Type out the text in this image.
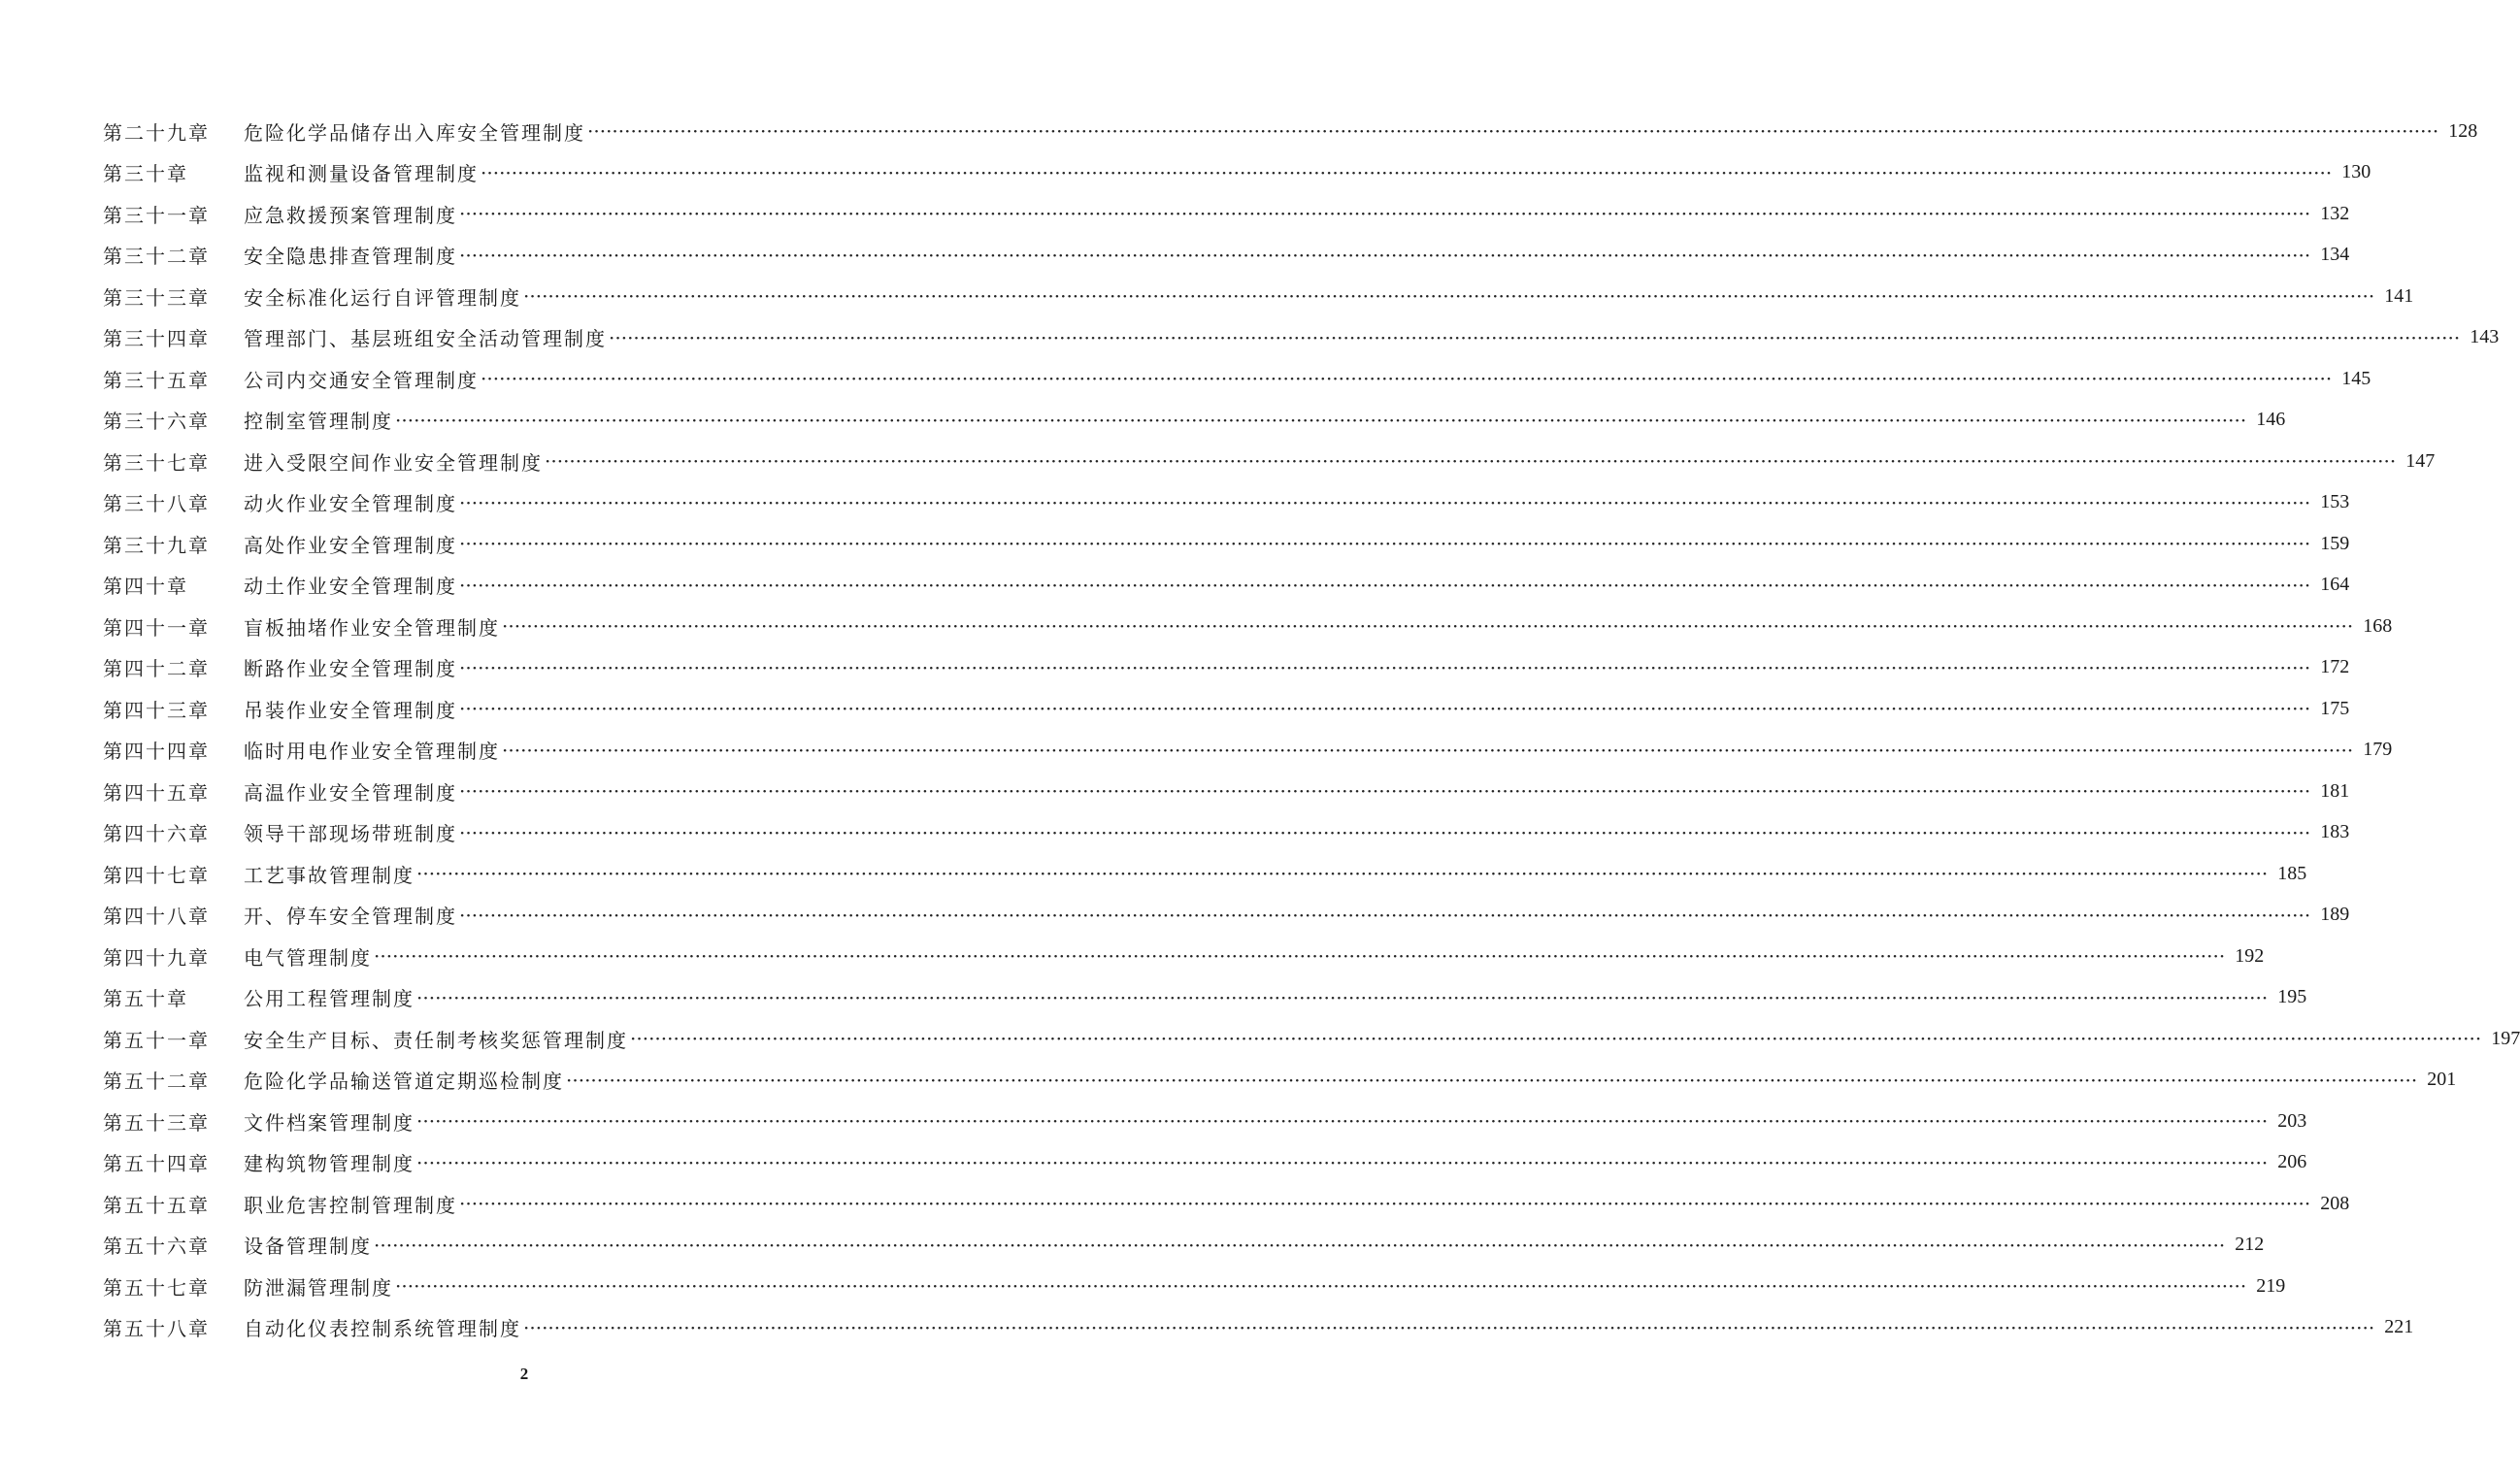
第二十九章	危险化学品储存出入库安全管理制度 ············································································································································································································································································································ 128
第三十章	监视和测量设备管理制度 ············································································································································································································································································································ 130
第三十一章	应急救援预案管理制度 ············································································································································································································································································································ 132
第三十二章	安全隐患排查管理制度 ············································································································································································································································································································ 134
第三十三章	安全标准化运行自评管理制度 ············································································································································································································································································································ 141
第三十四章	管理部门、基层班组安全活动管理制度 ············································································································································································································································································································ 143
第三十五章	公司内交通安全管理制度 ············································································································································································································································································································ 145
第三十六章	控制室管理制度 ············································································································································································································································································································ 146
第三十七章	进入受限空间作业安全管理制度 ············································································································································································································································································································ 147
第三十八章	动火作业安全管理制度 ············································································································································································································································································································ 153
第三十九章	高处作业安全管理制度 ············································································································································································································································································································ 159
第四十章	动土作业安全管理制度 ············································································································································································································································································································ 164
第四十一章	盲板抽堵作业安全管理制度 ············································································································································································································································································································ 168
第四十二章	断路作业安全管理制度 ············································································································································································································································································································ 172
第四十三章	吊装作业安全管理制度 ············································································································································································································································································································ 175
第四十四章	临时用电作业安全管理制度 ············································································································································································································································································································ 179
第四十五章	高温作业安全管理制度 ············································································································································································································································································································ 181
第四十六章	领导干部现场带班制度 ············································································································································································································································································································ 183
第四十七章	工艺事故管理制度 ············································································································································································································································································································ 185
第四十八章	开、停车安全管理制度 ············································································································································································································································································································ 189
第四十九章	电气管理制度 ············································································································································································································································································································ 192
第五十章	公用工程管理制度 ············································································································································································································································································································ 195
第五十一章	安全生产目标、责任制考核奖惩管理制度 ············································································································································································································································································································ 197
第五十二章	危险化学品输送管道定期巡检制度 ············································································································································································································································································································ 201
第五十三章	文件档案管理制度 ············································································································································································································································································································ 203
第五十四章	建构筑物管理制度 ············································································································································································································································································································ 206
第五十五章	职业危害控制管理制度 ············································································································································································································································································································ 208
第五十六章	设备管理制度 ············································································································································································································································································································ 212
第五十七章	防泄漏管理制度 ············································································································································································································································································································ 219
第五十八章	自动化仪表控制系统管理制度 ············································································································································································································································································································ 221
2
